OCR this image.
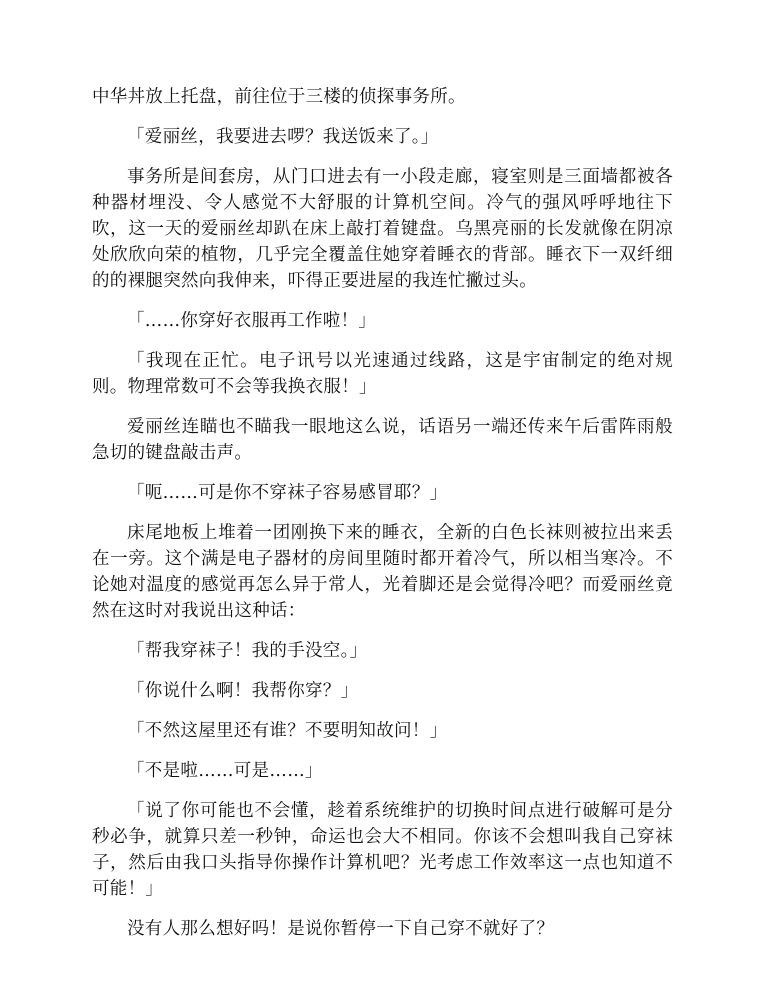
中华丼放上托盘，前往位于三楼的侦探事务所。

「爱丽丝，我要进去啰？我送饭来了。」

事务所是间套房，从门口进去有一小段走廊，寝室则是三面墙都被各种器材埋没、令人感觉不大舒服的计算机空间。冷气的强风呼呼地往下吹，这一天的爱丽丝却趴在床上敲打着键盘。乌黑亮丽的长发就像在阴凉处欣欣向荣的植物，几乎完全覆盖住她穿着睡衣的背部。睡衣下一双纤细的的裸腿突然向我伸来，吓得正要进屋的我连忙撇过头。

「……你穿好衣服再工作啦！」

「我现在正忙。电子讯号以光速通过线路，这是宇宙制定的绝对规则。物理常数可不会等我换衣服！」

爱丽丝连瞄也不瞄我一眼地这么说，话语另一端还传来午后雷阵雨般急切的键盘敲击声。

「呃……可是你不穿袜子容易感冒耶？」

床尾地板上堆着一团刚换下来的睡衣，全新的白色长袜则被拉出来丢在一旁。这个满是电子器材的房间里随时都开着冷气，所以相当寒冷。不论她对温度的感觉再怎么异于常人，光着脚还是会觉得冷吧？而爱丽丝竟然在这时对我说出这种话：

「帮我穿袜子！我的手没空。」

「你说什么啊！我帮你穿？」

「不然这屋里还有谁？不要明知故问！」

「不是啦……可是……」

「说了你可能也不会懂，趁着系统维护的切换时间点进行破解可是分秒必争，就算只差一秒钟，命运也会大不相同。你该不会想叫我自己穿袜子，然后由我口头指导你操作计算机吧？光考虑工作效率这一点也知道不可能！」

没有人那么想好吗！是说你暂停一下自己穿不就好了？
